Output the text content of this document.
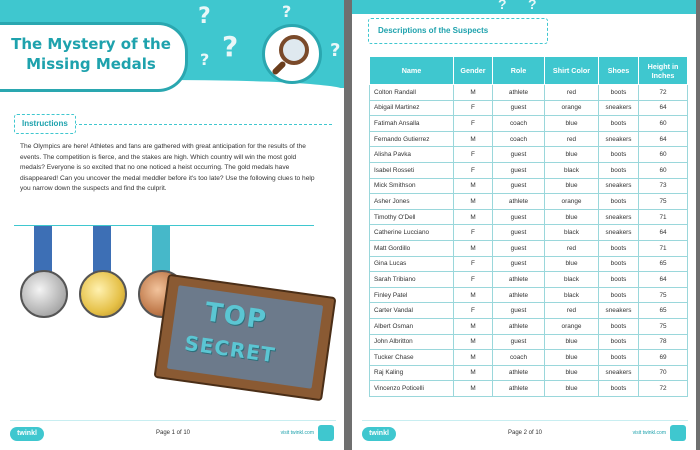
?
?
?
?	?
The Mystery of the Missing Medals
Instructions
The Olympics are here! Athletes and fans are gathered with great anticipation for the results of the events. The competition is fierce, and the stakes are high. Which country will win the most gold medals? Everyone is so excited that no one noticed a heist occurring. The gold medals have disappeared! Can you uncover the medal meddler before it's too late? Use the following clues to help you narrow down the suspects and find the culprit.
TOP
SECRET
twinkl	Page 1 of 10	visit twinkl.com
? ?
Descriptions of the Suspects
Name	Gender	Role	Shirt Color	Shoes	Height in Inches
Colton Randall	M	athlete	red	boots	72
Abigail Martinez	F	guest	orange	sneakers	64
Fatimah Ansalla	F	coach	blue	boots	60
Fernando Gutierrez	M	coach	red	sneakers	64
Alisha Pavka	F	guest	blue	boots	60
Isabel Rosseti	F	guest	black	boots	60
Mick Smithson	M	guest	blue	sneakers	73
Asher Jones	M	athlete	orange	boots	75
Timothy O'Dell	M	guest	blue	sneakers	71
Catherine Lucciano	F	guest	black	sneakers	64
Matt Gordillo	M	guest	red	boots	71
Gina Lucas	F	guest	blue	boots	65
Sarah Tribiano	F	athlete	black	boots	64
Finley Patel	M	athlete	black	boots	75
Carter Vandal	F	guest	red	sneakers	65
Albert Osman	M	athlete	orange	boots	75
John Albritton	M	guest	blue	boots	78
Tucker Chase	M	coach	blue	boots	69
Raj Kaling	M	athlete	blue	sneakers	70
Vincenzo Poticelli	M	athlete	blue	boots	72
twinkl	Page 2 of 10	visit twinkl.com
